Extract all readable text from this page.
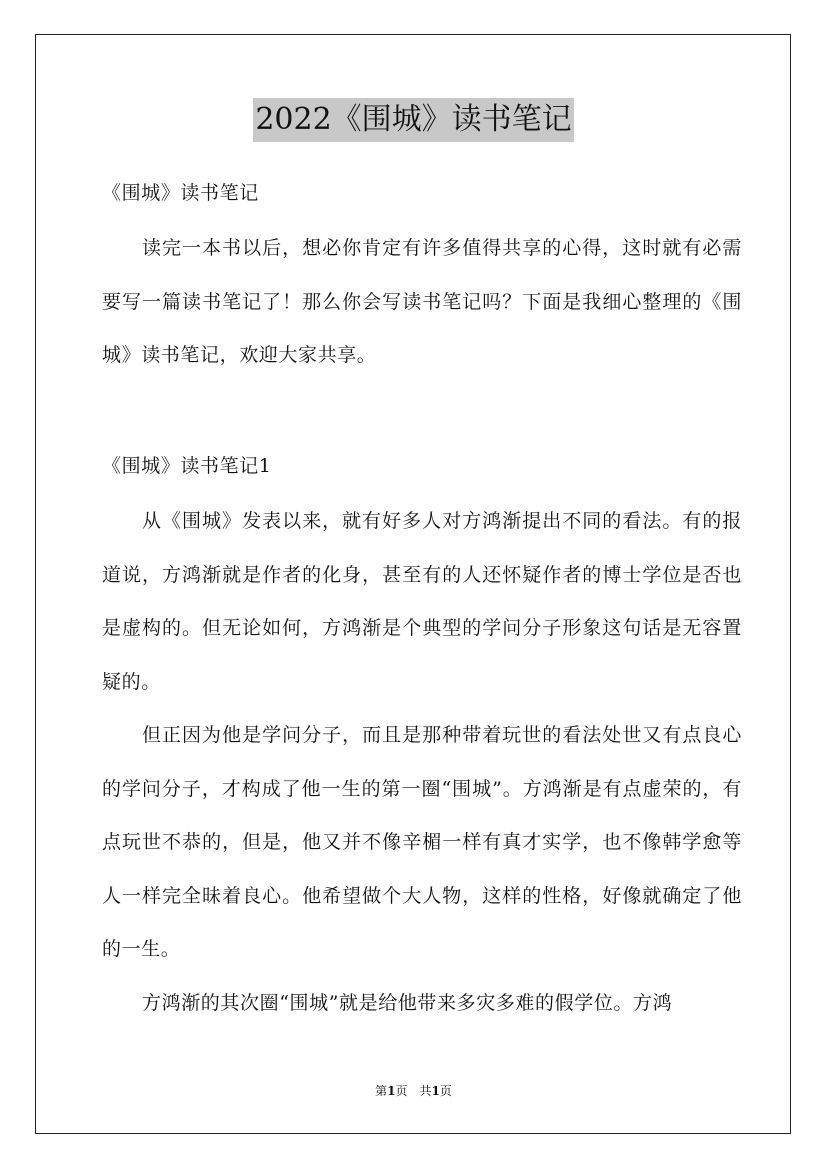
2022《围城》读书笔记
《围城》读书笔记

读完一本书以后，想必你肯定有许多值得共享的心得，这时就有必需要写一篇读书笔记了！那么你会写读书笔记吗？下面是我细心整理的《围城》读书笔记，欢迎大家共享。

《围城》读书笔记1

从《围城》发表以来，就有好多人对方鸿渐提出不同的看法。有的报道说，方鸿渐就是作者的化身，甚至有的人还怀疑作者的博士学位是否也是虚构的。但无论如何，方鸿渐是个典型的学问分子形象这句话是无容置疑的。

但正因为他是学问分子，而且是那种带着玩世的看法处世又有点良心的学问分子，才构成了他一生的第一圈“围城”。方鸿渐是有点虚荣的，有点玩世不恭的，但是，他又并不像辛楣一样有真才实学，也不像韩学愈等人一样完全昧着良心。他希望做个大人物，这样的性格，好像就确定了他的一生。

方鸿渐的其次圈“围城”就是给他带来多灾多难的假学位。方鸿

第1页　共1页
